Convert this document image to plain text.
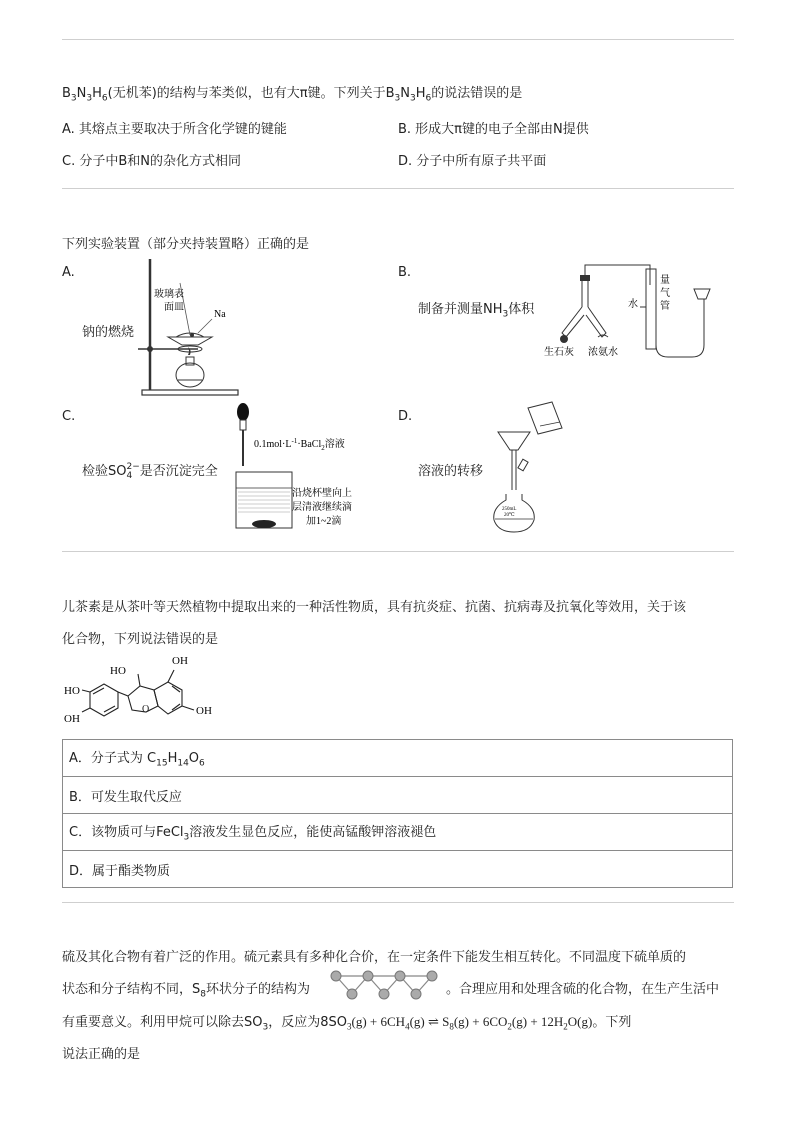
$B_3N_3H_6$(无机苯)的结构与苯类似，也有大π键。下列关于$B_3N_3H_6$的说法错误的是
A. 其熔点主要取决于所含化学键的键能	B. 形成大π键的电子全部由N提供
C. 分子中B和N的杂化方式相同	D. 分子中所有原子共平面
下列实验装置（部分夹持装置略）正确的是
A.
钠的燃烧
玻璃表
面皿
Na
B.
制备并测量$NH_3$体积
生石灰 浓氨水
水
量
气
管
C.
检验SO 2−
4 是否沉淀完全
$0.1mol\cdot L^{-1}\cdot BaCl_2$溶液
沿烧杯壁向上
层清液继续滴
加1~2滴
D.
溶液的转移
250mL
20℃
儿茶素是从茶叶等天然植物中提取出来的一种活性物质，具有抗炎症、抗菌、抗病毒及抗氧化等效用，关于该
化合物，下列说法错误的是
HO
OH
HO
OH
OH
O
A．分子式为 $C_{15}H_{14}O_6$
B．可发生取代反应
C．该物质可与FeCl$_3$溶液发生显色反应，能使高锰酸钾溶液褪色
D．属于酯类物质
硫及其化合物有着广泛的作用。硫元素具有多种化合价，在一定条件下能发生相互转化。不同温度下硫单质的
状态和分子结构不同，$S_8$环状分子的结构为	。合理应用和处理含硫的化合物，在生产生活中
有重要意义。利用甲烷可以除去$SO_3$，反应为$8SO_3(g) + 6CH_4(g)$ ⇌ $S_8(g) + 6CO_2(g) + 12H_2O(g)$。下列
说法正确的是
